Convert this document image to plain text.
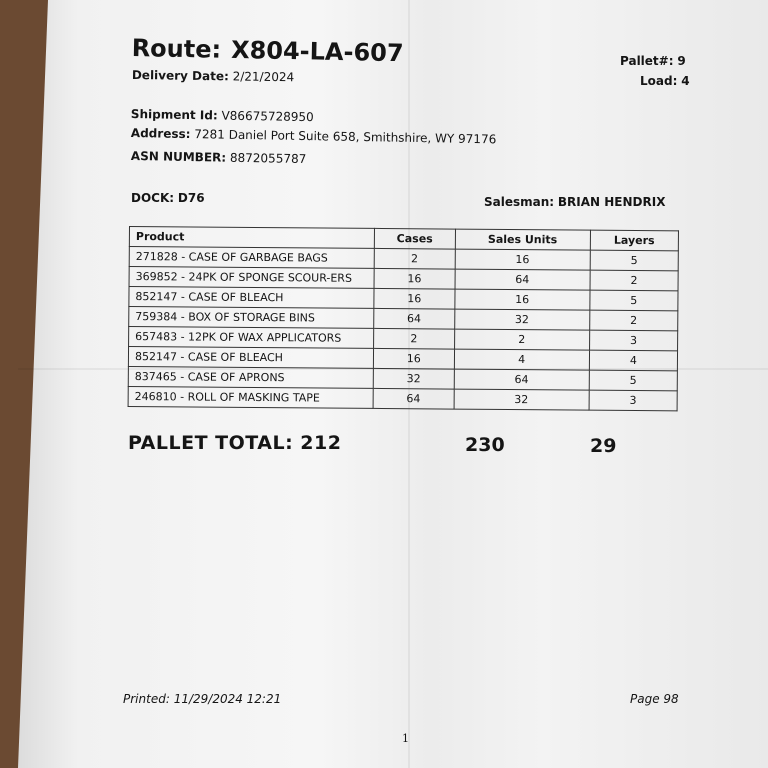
Route: X804-LA-607
Delivery Date: 2/21/2024
Pallet#: 9
Load: 4
Shipment Id: V86675728950
Address: 7281 Daniel Port Suite 658, Smithshire, WY 97176
ASN NUMBER: 8872055787
DOCK: D76	Salesman: BRIAN HENDRIX
Product	Cases	Sales Units	Layers
271828 - CASE OF GARBAGE BAGS	2	16	5
369852 - 24PK OF SPONGE SCOUR-ERS	16	64	2
852147 - CASE OF BLEACH	16	16	5
759384 - BOX OF STORAGE BINS	64	32	2
657483 - 12PK OF WAX APPLICATORS	2	2	3
852147 - CASE OF BLEACH	16	4	4
837465 - CASE OF APRONS	32	64	5
246810 - ROLL OF MASKING TAPE	64	32	3
PALLET TOTAL: 212	230	29
Printed: 11/29/2024 12:21	Page 98
1
